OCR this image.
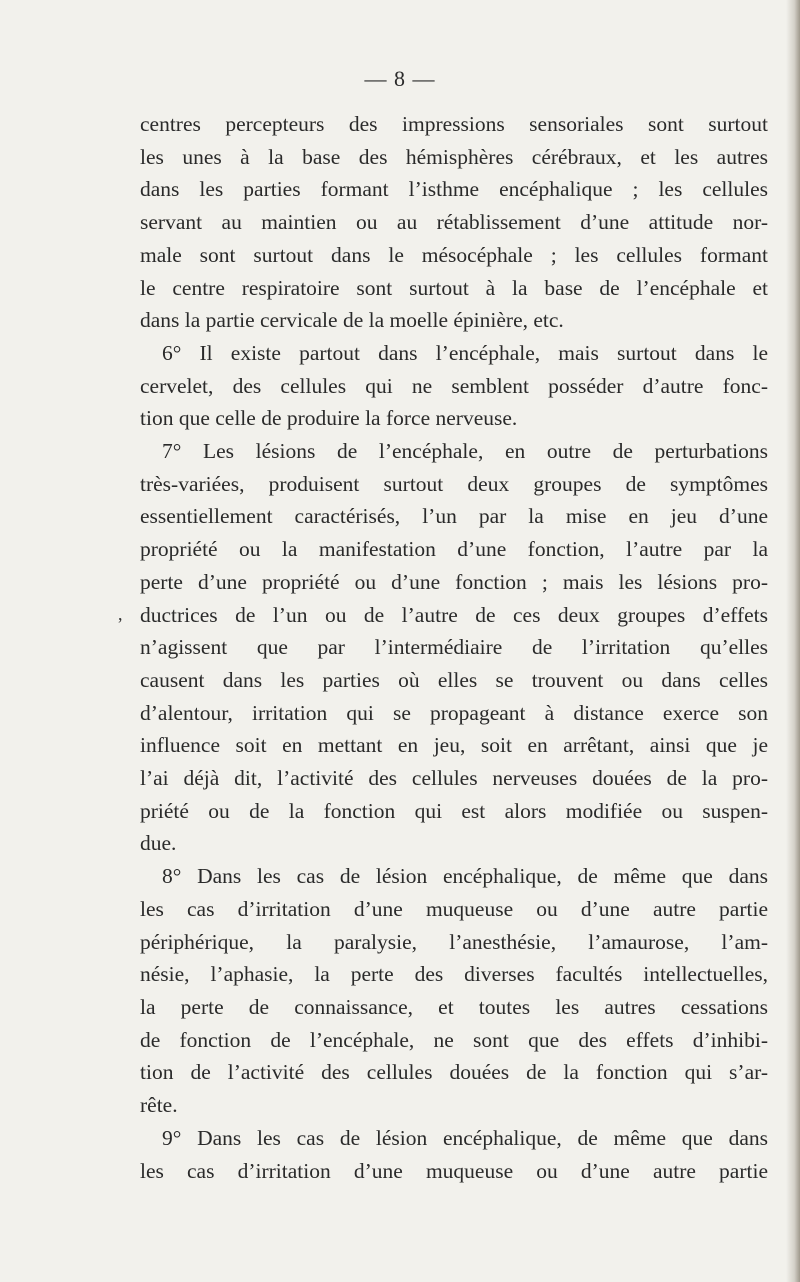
— 8 —
,
centres percepteurs des impressions sensoriales sont surtout
les unes à la base des hémisphères cérébraux, et les autres
dans les parties formant l’isthme encéphalique ; les cellules
servant au maintien ou au rétablissement d’une attitude nor-
male sont surtout dans le mésocéphale ; les cellules formant
le centre respiratoire sont surtout à la base de l’encéphale et
dans la partie cervicale de la moelle épinière, etc.
6° Il existe partout dans l’encéphale, mais surtout dans le
cervelet, des cellules qui ne semblent posséder d’autre fonc-
tion que celle de produire la force nerveuse.
7° Les lésions de l’encéphale, en outre de perturbations
très-variées, produisent surtout deux groupes de symptômes
essentiellement caractérisés, l’un par la mise en jeu d’une
propriété ou la manifestation d’une fonction, l’autre par la
perte d’une propriété ou d’une fonction ; mais les lésions pro-
ductrices de l’un ou de l’autre de ces deux groupes d’effets
n’agissent que par l’intermédiaire de l’irritation qu’elles
causent dans les parties où elles se trouvent ou dans celles
d’alentour, irritation qui se propageant à distance exerce son
influence soit en mettant en jeu, soit en arrêtant, ainsi que je
l’ai déjà dit, l’activité des cellules nerveuses douées de la pro-
priété ou de la fonction qui est alors modifiée ou suspen-
due.
8° Dans les cas de lésion encéphalique, de même que dans
les cas d’irritation d’une muqueuse ou d’une autre partie
périphérique, la paralysie, l’anesthésie, l’amaurose, l’am-
nésie, l’aphasie, la perte des diverses facultés intellectuelles,
la perte de connaissance, et toutes les autres cessations
de fonction de l’encéphale, ne sont que des effets d’inhibi-
tion de l’activité des cellules douées de la fonction qui s’ar-
rête.
9° Dans les cas de lésion encéphalique, de même que dans
les cas d’irritation d’une muqueuse ou d’une autre partie
